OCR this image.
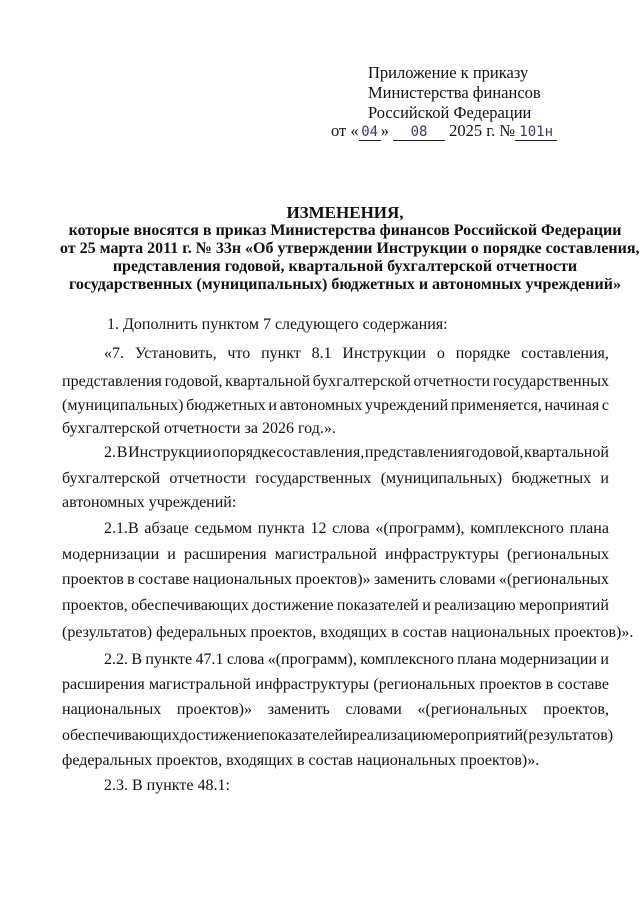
Приложение к приказу
Министерства финансов
Российской Федерации
от « 04 » 08 2025 г. № 101н
ИЗМЕНЕНИЯ,
которые вносятся в приказ Министерства финансов Российской Федерации
от 25 марта 2011 г. № 33н «Об утверждении Инструкции о порядке составления,
представления годовой, квартальной бухгалтерской отчетности
государственных (муниципальных) бюджетных и автономных учреждений»
1. Дополнить пунктом 7 следующего содержания:
«7. Установить, что пункт 8.1 Инструкции о порядке составления,
представления годовой, квартальной бухгалтерской отчетности государственных
(муниципальных) бюджетных и автономных учреждений применяется, начиная с
бухгалтерской отчетности за 2026 год.».
2. В Инструкции о порядке составления, представления годовой, квартальной
бухгалтерской отчетности государственных (муниципальных) бюджетных и
автономных учреждений:
2.1.В абзаце седьмом пункта 12 слова «(программ), комплексного плана
модернизации и расширения магистральной инфраструктуры (региональных
проектов в составе национальных проектов)» заменить словами «(региональных
проектов, обеспечивающих достижение показателей и реализацию мероприятий
(результатов) федеральных проектов, входящих в состав национальных проектов)».
2.2. В пункте 47.1 слова «(программ), комплексного плана модернизации и
расширения магистральной инфраструктуры (региональных проектов в составе
национальных проектов)» заменить словами «(региональных проектов,
обеспечивающих достижение показателей и реализацию мероприятий (результатов)
федеральных проектов, входящих в состав национальных проектов)».
2.3. В пункте 48.1:
